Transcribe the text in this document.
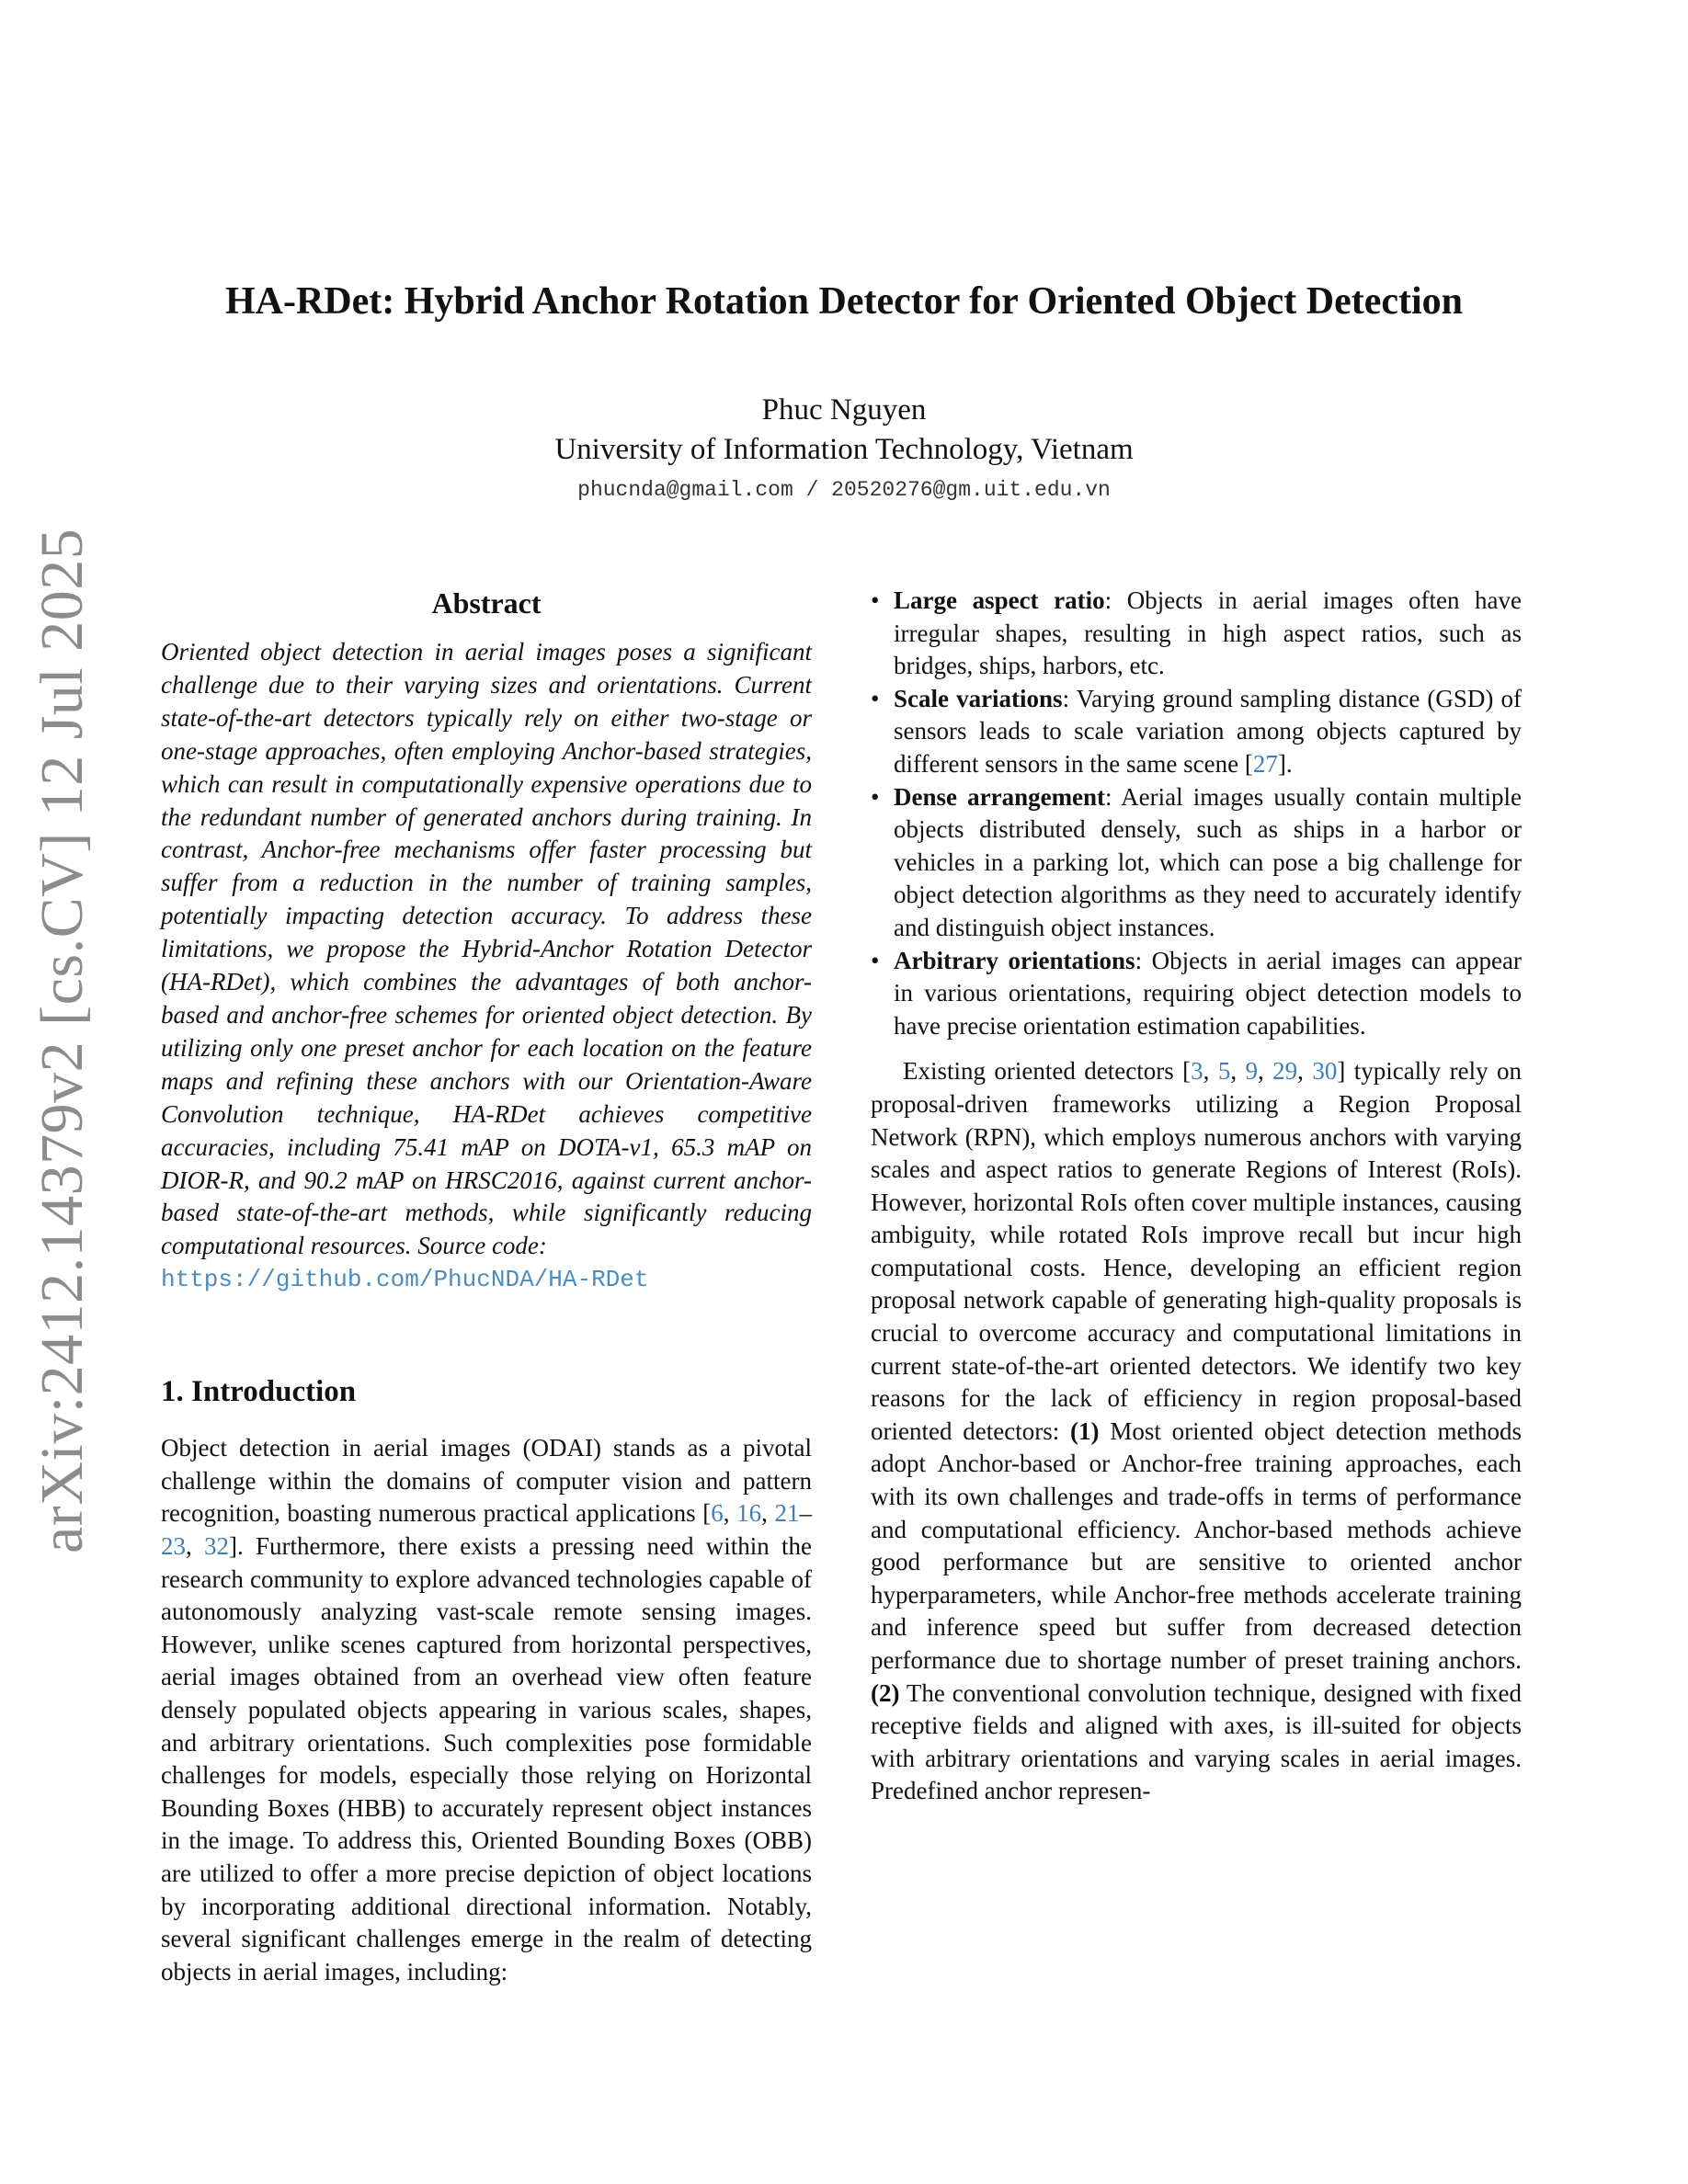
arXiv:2412.14379v2 [cs.CV] 12 Jul 2025
HA-RDet: Hybrid Anchor Rotation Detector for Oriented Object Detection
Phuc Nguyen
University of Information Technology, Vietnam
phucnda@gmail.com / 20520276@gm.uit.edu.vn
Abstract

Oriented object detection in aerial images poses a significant challenge due to their varying sizes and orientations. Current state-of-the-art detectors typically rely on either two-stage or one-stage approaches, often employing Anchor-based strategies, which can result in computationally expensive operations due to the redundant number of generated anchors during training. In contrast, Anchor-free mechanisms offer faster processing but suffer from a reduction in the number of training samples, potentially impacting detection accuracy. To address these limitations, we propose the Hybrid-Anchor Rotation Detector (HA-RDet), which combines the advantages of both anchor-based and anchor-free schemes for oriented object detection. By utilizing only one preset anchor for each location on the feature maps and refining these anchors with our Orientation-Aware Convolution technique, HA-RDet achieves competitive accuracies, including 75.41 mAP on DOTA-v1, 65.3 mAP on DIOR-R, and 90.2 mAP on HRSC2016, against current anchor-based state-of-the-art methods, while significantly reducing computational resources. Source code:
https://github.com/PhucNDA/HA-RDet

1. Introduction

Object detection in aerial images (ODAI) stands as a pivotal challenge within the domains of computer vision and pattern recognition, boasting numerous practical applications [6, 16, 21–23, 32]. Furthermore, there exists a pressing need within the research community to explore advanced technologies capable of autonomously analyzing vast-scale remote sensing images. However, unlike scenes captured from horizontal perspectives, aerial images obtained from an overhead view often feature densely populated objects appearing in various scales, shapes, and arbitrary orientations. Such complexities pose formidable challenges for models, especially those relying on Horizontal Bounding Boxes (HBB) to accurately represent object instances in the image. To address this, Oriented Bounding Boxes (OBB) are utilized to offer a more precise depiction of object locations by incorporating additional directional information. Notably, several significant challenges emerge in the realm of detecting objects in aerial images, including:

• Large aspect ratio: Objects in aerial images often have irregular shapes, resulting in high aspect ratios, such as bridges, ships, harbors, etc.
• Scale variations: Varying ground sampling distance (GSD) of sensors leads to scale variation among objects captured by different sensors in the same scene [27].
• Dense arrangement: Aerial images usually contain multiple objects distributed densely, such as ships in a harbor or vehicles in a parking lot, which can pose a big challenge for object detection algorithms as they need to accurately identify and distinguish object instances.
• Arbitrary orientations: Objects in aerial images can appear in various orientations, requiring object detection models to have precise orientation estimation capabilities.

Existing oriented detectors [3, 5, 9, 29, 30] typically rely on proposal-driven frameworks utilizing a Region Proposal Network (RPN), which employs numerous anchors with varying scales and aspect ratios to generate Regions of Interest (RoIs). However, horizontal RoIs often cover multiple instances, causing ambiguity, while rotated RoIs improve recall but incur high computational costs. Hence, developing an efficient region proposal network capable of generating high-quality proposals is crucial to overcome accuracy and computational limitations in current state-of-the-art oriented detectors. We identify two key reasons for the lack of efficiency in region proposal-based oriented detectors: (1) Most oriented object detection methods adopt Anchor-based or Anchor-free training approaches, each with its own challenges and trade-offs in terms of performance and computational efficiency. Anchor-based methods achieve good performance but are sensitive to oriented anchor hyperparameters, while Anchor-free methods accelerate training and inference speed but suffer from decreased detection performance due to shortage number of preset training anchors. (2) The conventional convolution technique, designed with fixed receptive fields and aligned with axes, is ill-suited for objects with arbitrary orientations and varying scales in aerial images. Predefined anchor represen-
